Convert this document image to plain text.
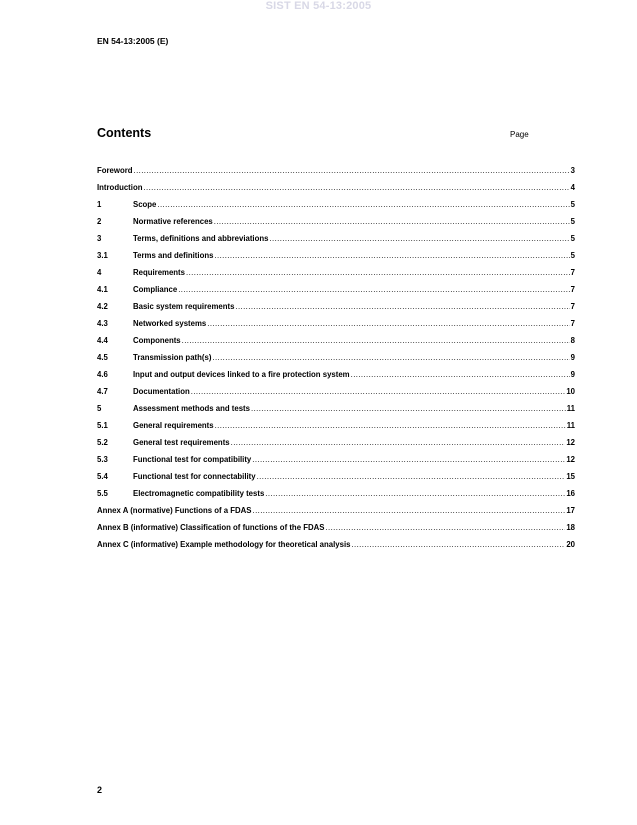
SIST EN 54-13:2005
EN 54-13:2005 (E)
Contents	Page
Foreword .....	3
Introduction .....	4
1	Scope .....	5
2	Normative references .....	5
3	Terms, definitions and abbreviations .....	5
3.1	Terms and definitions .....	5
4	Requirements .....	7
4.1	Compliance .....	7
4.2	Basic system requirements .....	7
4.3	Networked systems .....	7
4.4	Components .....	8
4.5	Transmission path(s) .....	9
4.6	Input and output devices linked to a fire protection system .....	9
4.7	Documentation .....	10
5	Assessment methods and tests .....	11
5.1	General requirements .....	11
5.2	General test requirements .....	12
5.3	Functional test for compatibility .....	12
5.4	Functional test for connectability .....	15
5.5	Electromagnetic compatibility tests .....	16
Annex A (normative) Functions of a FDAS .....	17
Annex B (informative) Classification of functions of the FDAS .....	18
Annex C (informative) Example methodology for theoretical analysis .....	20
2
